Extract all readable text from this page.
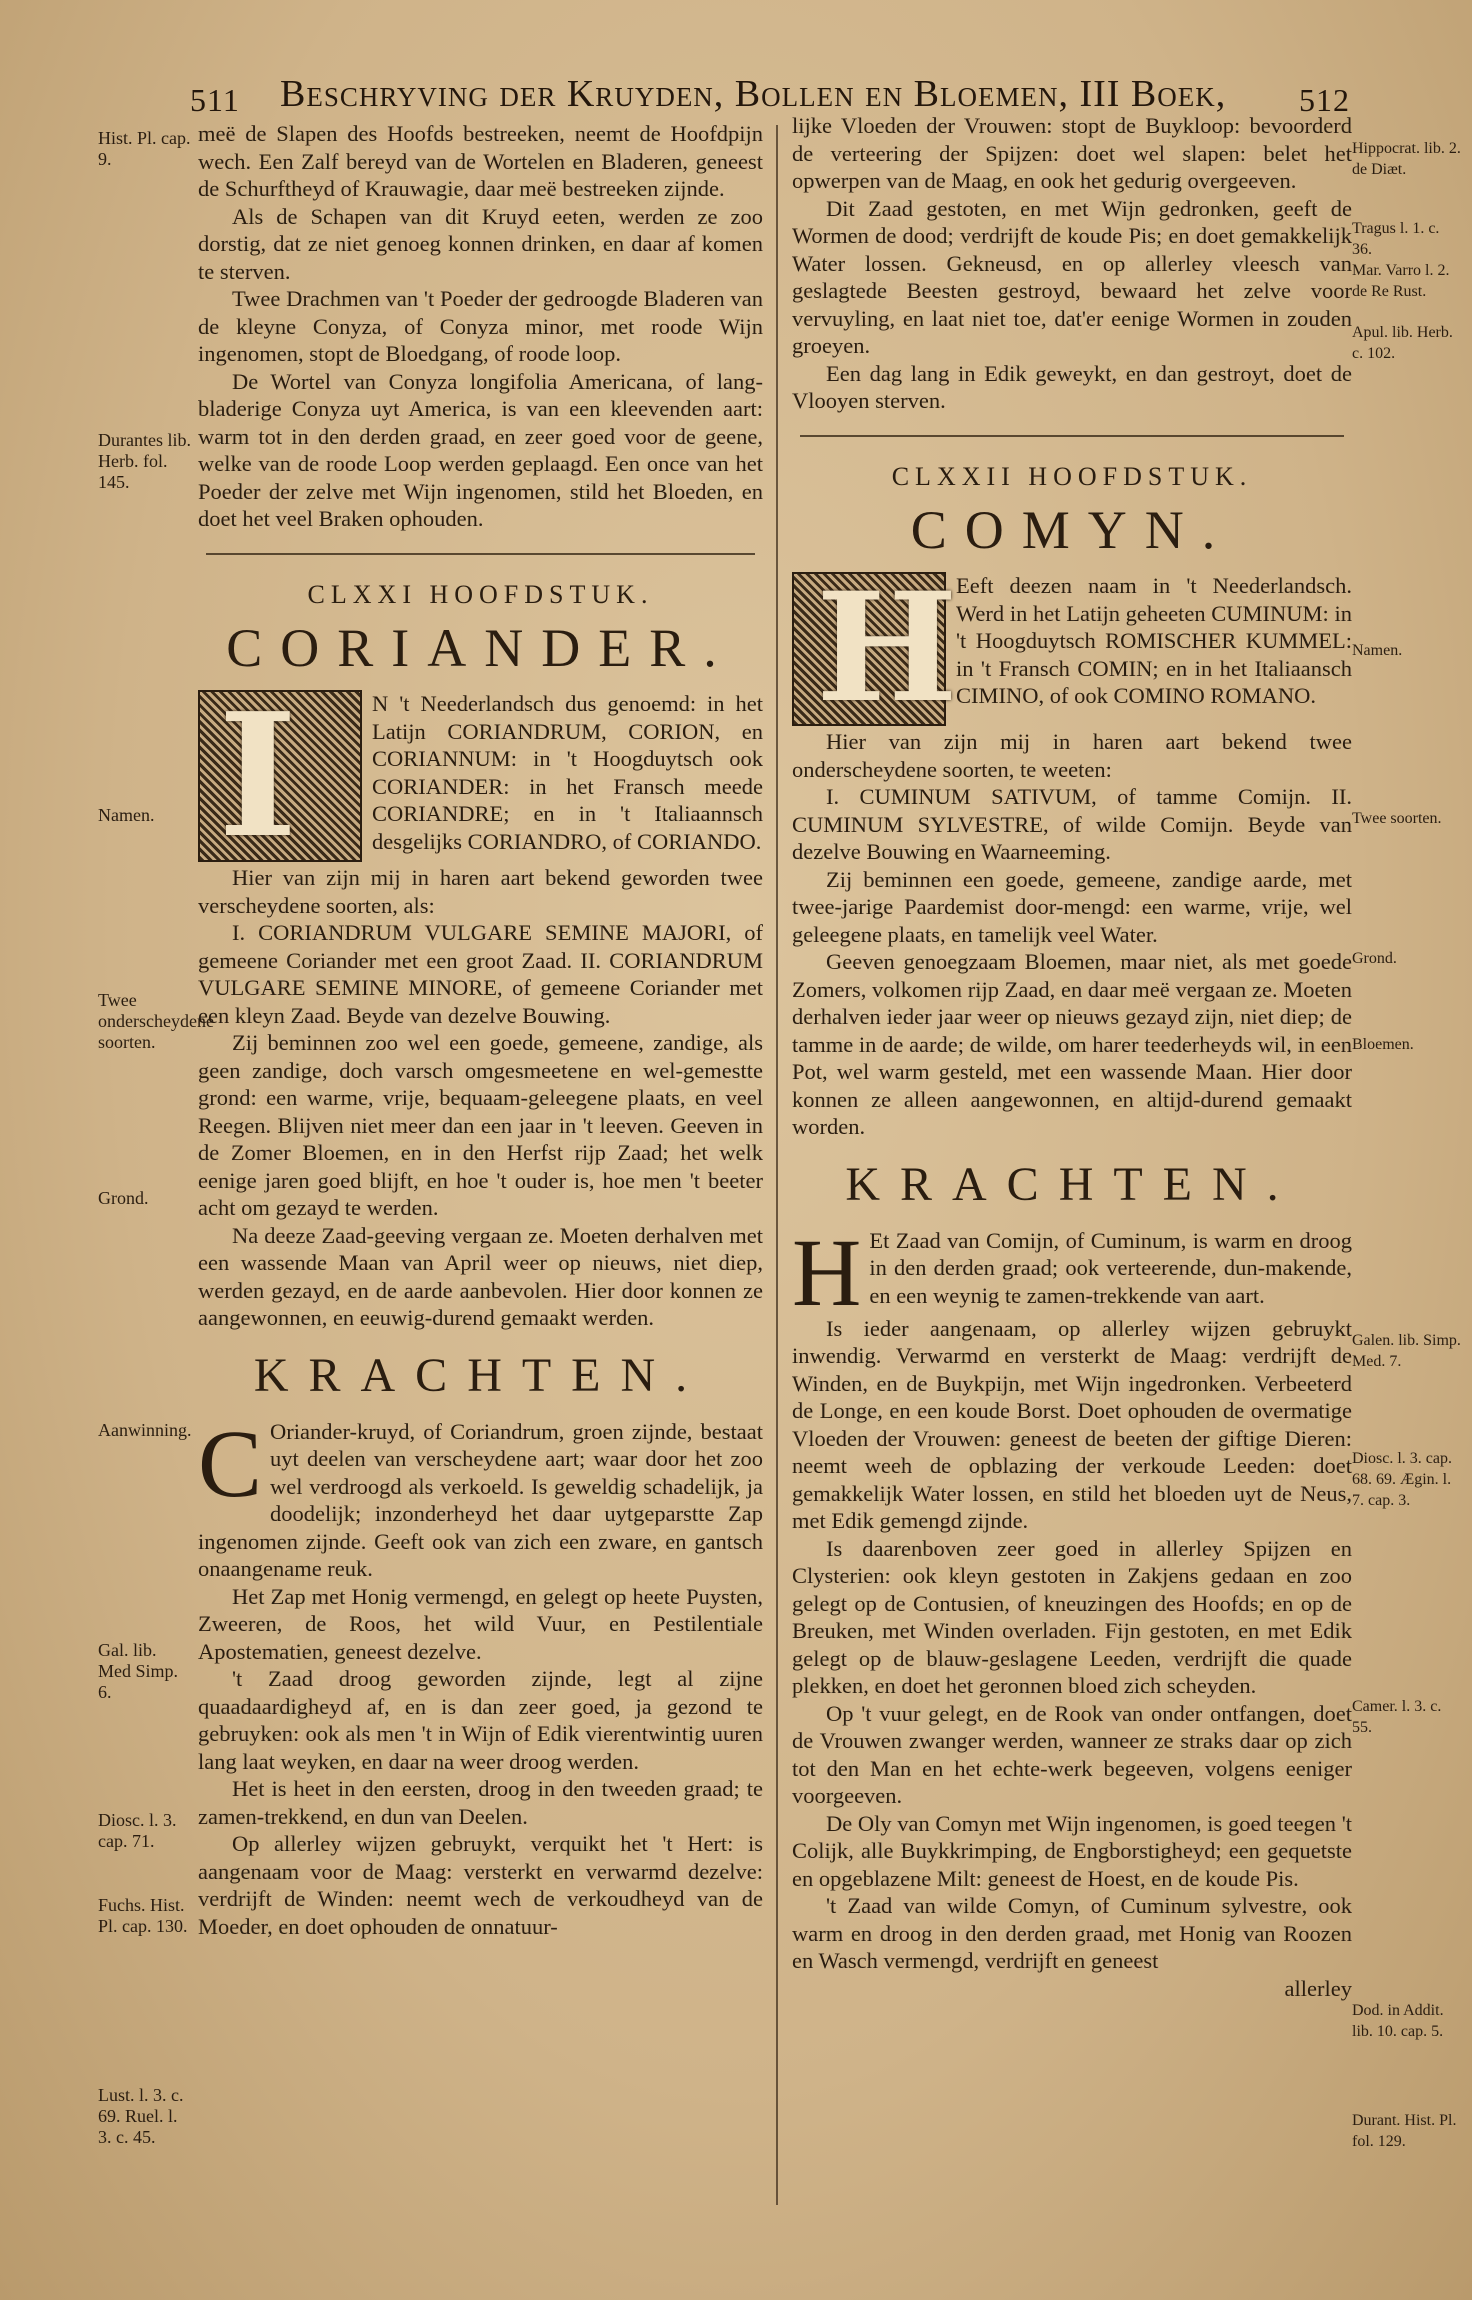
511 Beschryving der Kruyden, Bollen en Bloemen, III Boek, 512

meë de Slapen des Hoofds bestreeken, neemt de Hoofdpijn wech. Een Zalf bereyd van de Wortelen en Bladeren, geneest de Schurftheyd of Krauwagie, daar meë bestreeken zijnde.

Als de Schapen van dit Kruyd eeten, werden ze zoo dorstig, dat ze niet genoeg konnen drinken, en daar af komen te sterven.

Twee Drachmen van 't Poeder der gedroogde Bladeren van de kleyne Conyza, of Conyza minor, met roode Wijn ingenomen, stopt de Bloedgang, of roode loop.

De Wortel van Conyza longifolia Americana, of lang-bladerige Conyza uyt America, is van een kleevenden aart: warm tot in den derden graad, en zeer goed voor de geene, welke van de roode Loop werden geplaagd. Een once van het Poeder der zelve met Wijn ingenomen, stild het Bloeden, en doet het veel Braken ophouden.

CLXXI HOOFDSTUK.
CORIANDER.
I	N 't Neederlandsch dus genoemd: in het Latijn CORIANDRUM, CORION, en CORIANNUM: in 't Hoogduytsch ook CORIANDER: in het Fransch meede CORIANDRE; en in 't Italiaannsch desgelijks CORIANDRO, of CORIANDO.

Hier van zijn mij in haren aart bekend geworden twee verscheydene soorten, als:

I. CORIANDRUM VULGARE SEMINE MAJORI, of gemeene Coriander met een groot Zaad. II. CORIANDRUM VULGARE SEMINE MINORE, of gemeene Coriander met een kleyn Zaad. Beyde van dezelve Bouwing.

Zij beminnen zoo wel een goede, gemeene, zandige, als geen zandige, doch varsch omgesmeetene en wel-gemestte grond: een warme, vrije, bequaam-geleegene plaats, en veel Reegen. Blijven niet meer dan een jaar in 't leeven. Geeven in de Zomer Bloemen, en in den Herfst rijp Zaad; het welk eenige jaren goed blijft, en hoe 't ouder is, hoe men 't beeter acht om gezayd te werden.

Na deeze Zaad-geeving vergaan ze. Moeten derhalven met een wassende Maan van April weer op nieuws, niet diep, werden gezayd, en de aarde aanbevolen. Hier door konnen ze aangewonnen, en eeuwig-durend gemaakt werden.

KRACHTEN.
C Oriander-kruyd, of Coriandrum, groen zijnde, bestaat uyt deelen van verscheydene aart; waar door het zoo wel verdroogd als verkoeld. Is geweldig schadelijk, ja doodelijk; inzonderheyd het daar uytgeparstte Zap ingenomen zijnde. Geeft ook van zich een zware, en gantsch onaangename reuk.

Het Zap met Honig vermengd, en gelegt op heete Puysten, Zweeren, de Roos, het wild Vuur, en Pestilentiale Apostematien, geneest dezelve.

't Zaad droog geworden zijnde, legt al zijne quaadaardigheyd af, en is dan zeer goed, ja gezond te gebruyken: ook als men 't in Wijn of Edik vierentwintig uuren lang laat weyken, en daar na weer droog werden.

Het is heet in den eersten, droog in den tweeden graad; te zamen-trekkend, en dun van Deelen.

Op allerley wijzen gebruykt, verquikt het 't Hert: is aangenaam voor de Maag: versterkt en verwarmd dezelve: verdrijft de Winden: neemt wech de verkoudheyd van de Moeder, en doet ophouden de onnatuur-

Hist. Pl. cap. 9.
Durantes lib. Herb. fol. 145.
Namen.
Twee onderscheydene soorten.
Grond.
Aanwinning.
Gal. lib. Med Simp. 6.
Diosc. l. 3. cap. 71.
Fuchs. Hist. Pl. cap. 130.
Lust. l. 3. c. 69. Ruel. l. 3. c. 45.

lijke Vloeden der Vrouwen: stopt de Buykloop: bevoorderd de verteering der Spijzen: doet wel slapen: belet het opwerpen van de Maag, en ook het gedurig overgeeven.

Dit Zaad gestoten, en met Wijn gedronken, geeft de Wormen de dood; verdrijft de koude Pis; en doet gemakkelijk Water lossen. Gekneusd, en op allerley vleesch van geslagtede Beesten gestroyd, bewaard het zelve voor vervuyling, en laat niet toe, dat'er eenige Wormen in zouden groeyen.

Een dag lang in Edik geweykt, en dan gestroyt, doet de Vlooyen sterven.

CLXXII HOOFDSTUK.
COMYN.
H

Eeft deezen naam in 't Neederlandsch. Werd in het Latijn geheeten CUMINUM: in 't Hoogduytsch ROMISCHER KUMMEL: in 't Fransch COMIN; en in het Italiaansch CIMINO, of ook COMINO ROMANO.

Hier van zijn mij in haren aart bekend twee onderscheydene soorten, te weeten:

I. CUMINUM SATIVUM, of tamme Comijn. II. CUMINUM SYLVESTRE, of wilde Comijn. Beyde van dezelve Bouwing en Waarneeming.

Zij beminnen een goede, gemeene, zandige aarde, met twee-jarige Paardemist door-mengd: een warme, vrije, wel geleegene plaats, en tamelijk veel Water.

Geeven genoegzaam Bloemen, maar niet, als met goede Zomers, volkomen rijp Zaad, en daar meë vergaan ze. Moeten derhalven ieder jaar weer op nieuws gezayd zijn, niet diep; de tamme in de aarde; de wilde, om harer teederheyds wil, in een Pot, wel warm gesteld, met een wassende Maan. Hier door konnen ze alleen aangewonnen, en altijd-durend gemaakt worden.

KRACHTEN.
H Et Zaad van Comijn, of Cuminum, is warm en droog in den derden graad; ook verteerende, dun-makende, en een weynig te zamen-trekkende van aart.

Is ieder aangenaam, op allerley wijzen gebruykt inwendig. Verwarmd en versterkt de Maag: verdrijft de Winden, en de Buykpijn, met Wijn ingedronken. Verbeeterd de Longe, en een koude Borst. Doet ophouden de overmatige Vloeden der Vrouwen: geneest de beeten der giftige Dieren: neemt weeh de opblazing der verkoude Leeden: doet gemakkelijk Water lossen, en stild het bloeden uyt de Neus, met Edik gemengd zijnde.

Is daarenboven zeer goed in allerley Spijzen en Clysterien: ook kleyn gestoten in Zakjens gedaan en zoo gelegt op de Contusien, of kneuzingen des Hoofds; en op de Breuken, met Winden overladen. Fijn gestoten, en met Edik gelegt op de blauw-geslagene Leeden, verdrijft die quade plekken, en doet het geronnen bloed zich scheyden.

Op 't vuur gelegt, en de Rook van onder ontfangen, doet de Vrouwen zwanger werden, wanneer ze straks daar op zich tot den Man en het echte-werk begeeven, volgens eeniger voorgeeven.

De Oly van Comyn met Wijn ingenomen, is goed teegen 't Colijk, alle Buykkrimping, de Engborstigheyd; een gequetste en opgeblazene Milt: geneest de Hoest, en de koude Pis.

't Zaad van wilde Comyn, of Cuminum sylvestre, ook warm en droog in den derden graad, met Honig van Roozen en Wasch vermengd, verdrijft en geneest

allerley

Hippocrat. lib. 2. de Diæt.
Tragus l. 1. c. 36.
Mar. Varro l. 2. de Re Rust.
Apul. lib. Herb. c. 102.
Namen.
Twee soorten.
Grond.
Bloemen.
Galen. lib. Simp. Med. 7.
Diosc. l. 3. cap. 68. 69. Ægin. l. 7. cap. 3.
Camer. l. 3. c. 55.
Dod. in Addit. lib. 10. cap. 5.
Durant. Hist. Pl. fol. 129.
